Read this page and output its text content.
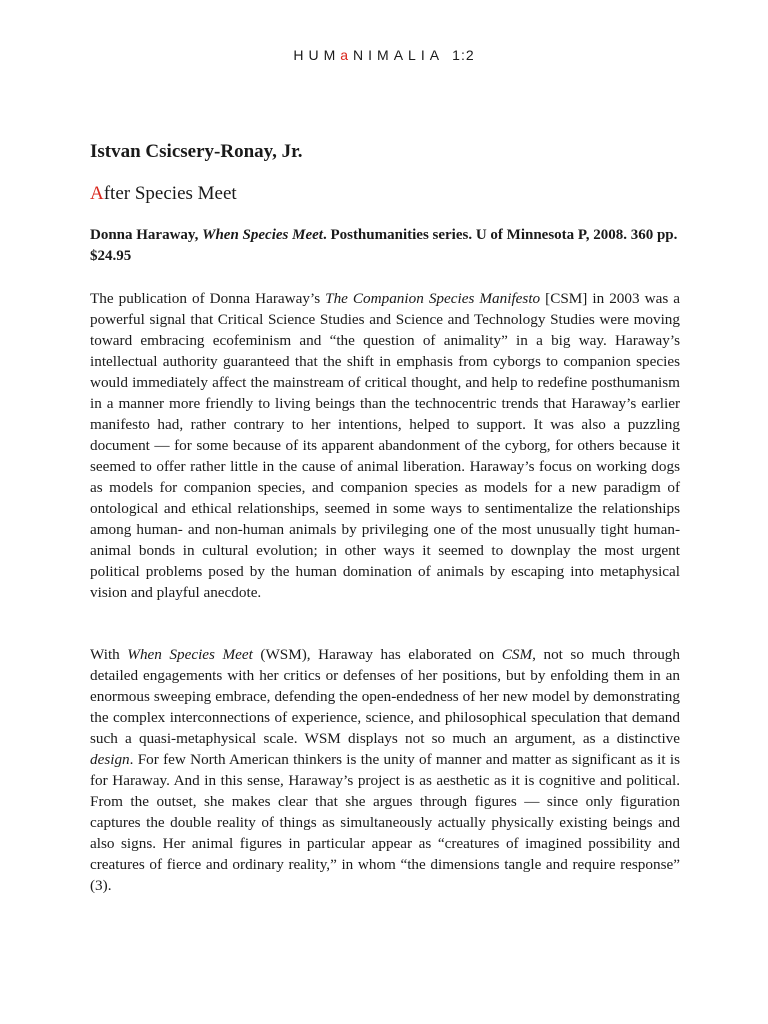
HUMaNIMALIA 1:2
Istvan Csicsery-Ronay, Jr.
After Species Meet

Donna Haraway, When Species Meet. Posthumanities series. U of Minnesota P, 2008. 360 pp. $24.95

The publication of Donna Haraway’s The Companion Species Manifesto [CSM] in 2003 was a powerful signal that Critical Science Studies and Science and Technology Studies were moving toward embracing ecofeminism and “the question of animality” in a big way. Haraway’s intellectual authority guaranteed that the shift in emphasis from cyborgs to companion species would immediately affect the mainstream of critical thought, and help to redefine posthumanism in a manner more friendly to living beings than the technocentric trends that Haraway’s earlier manifesto had, rather contrary to her intentions, helped to support. It was also a puzzling document — for some because of its apparent abandonment of the cyborg, for others because it seemed to offer rather little in the cause of animal liberation. Haraway’s focus on working dogs as models for companion species, and companion species as models for a new paradigm of ontological and ethical relationships, seemed in some ways to sentimentalize the relationships among human- and non-human animals by privileging one of the most unusually tight human-animal bonds in cultural evolution; in other ways it seemed to downplay the most urgent political problems posed by the human domination of animals by escaping into metaphysical vision and playful anecdote.

With When Species Meet (WSM), Haraway has elaborated on CSM, not so much through detailed engagements with her critics or defenses of her positions, but by enfolding them in an enormous sweeping embrace, defending the open-endedness of her new model by demonstrating the complex interconnections of experience, science, and philosophical speculation that demand such a quasi-metaphysical scale. WSM displays not so much an argument, as a distinctive design. For few North American thinkers is the unity of manner and matter as significant as it is for Haraway. And in this sense, Haraway’s project is as aesthetic as it is cognitive and political. From the outset, she makes clear that she argues through figures — since only figuration captures the double reality of things as simultaneously actually physically existing beings and also signs. Her animal figures in particular appear as “creatures of imagined possibility and creatures of fierce and ordinary reality,” in whom “the dimensions tangle and require response” (3).
